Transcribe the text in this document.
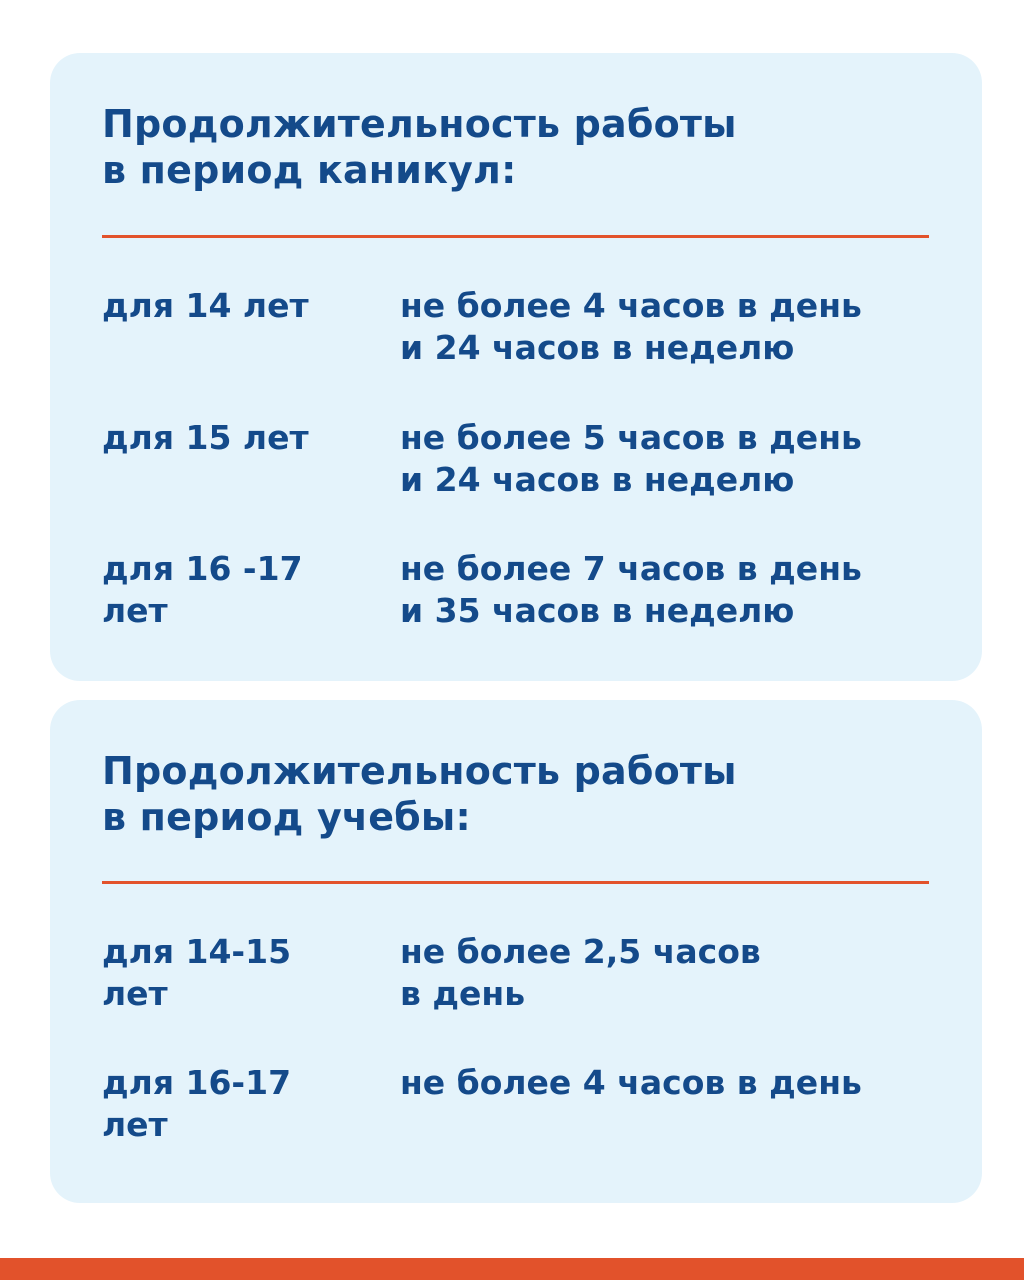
Продолжительность работы
в период каникул:
для 14 лет	не более 4 часов в день
и 24 часов в неделю
для 15 лет	не более 5 часов в день
и 24 часов в неделю
для 16 -17
лет
не более 7 часов в день
и 35 часов в неделю
Продолжительность работы
в период учебы:
для 14-15
лет
не более 2,5 часов
в день
для 16-17
лет
не более 4 часов в день
